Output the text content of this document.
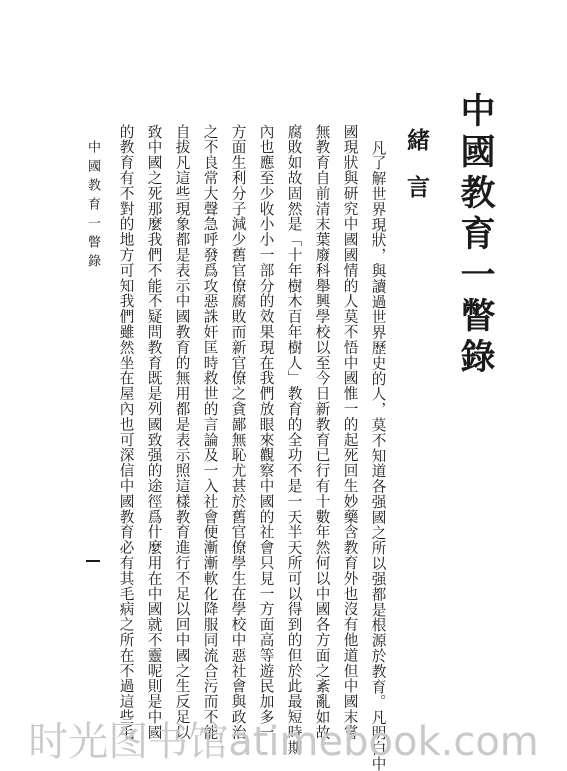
中國教育一瞥錄
緒言
凡了解世界現狀，與讀過世界歷史的人，莫不知道各强國之所以强都是根源於教育。凡明白中
國現狀與研究中國國情的人莫不悟中國惟一的起死回生妙藥含教育外也沒有他道但中國末嘗
無教育自前清末葉廢科舉興學校以至今日新教育已行有十數年然何以中國各方面之紊亂如故
腐敗如故固然是「十年樹木百年樹人」教育的全功不是一天半天所可以得到的但於此最短時期
內也應至少收小小一部分的效果現在我們放眼來觀察中國的社會只見一方面高等遊民加多一
方面生利分子減少舊官僚腐敗而新官僚之貪鄙無恥尤甚於舊官僚學生在學校中惡社會與政治
之不良常大聲急呼發爲攻惡誅奸匡時救世的言論及一入社會便漸漸軟化降服同流合污而不能
自拔凡這些現象都是表示中國教育的無用都是表示照這樣教育進行不足以回中國之生反足以
致中國之死那麼我們不能不疑問教育既是列國致强的途徑爲什麼用在中國就不靈呢則是中國
的教育有不對的地方可知我們雖然坐在屋內也可深信中國教育必有其毛病之所在不過這些毛
中國教育一瞥錄
时光图书馆atimebook.com
